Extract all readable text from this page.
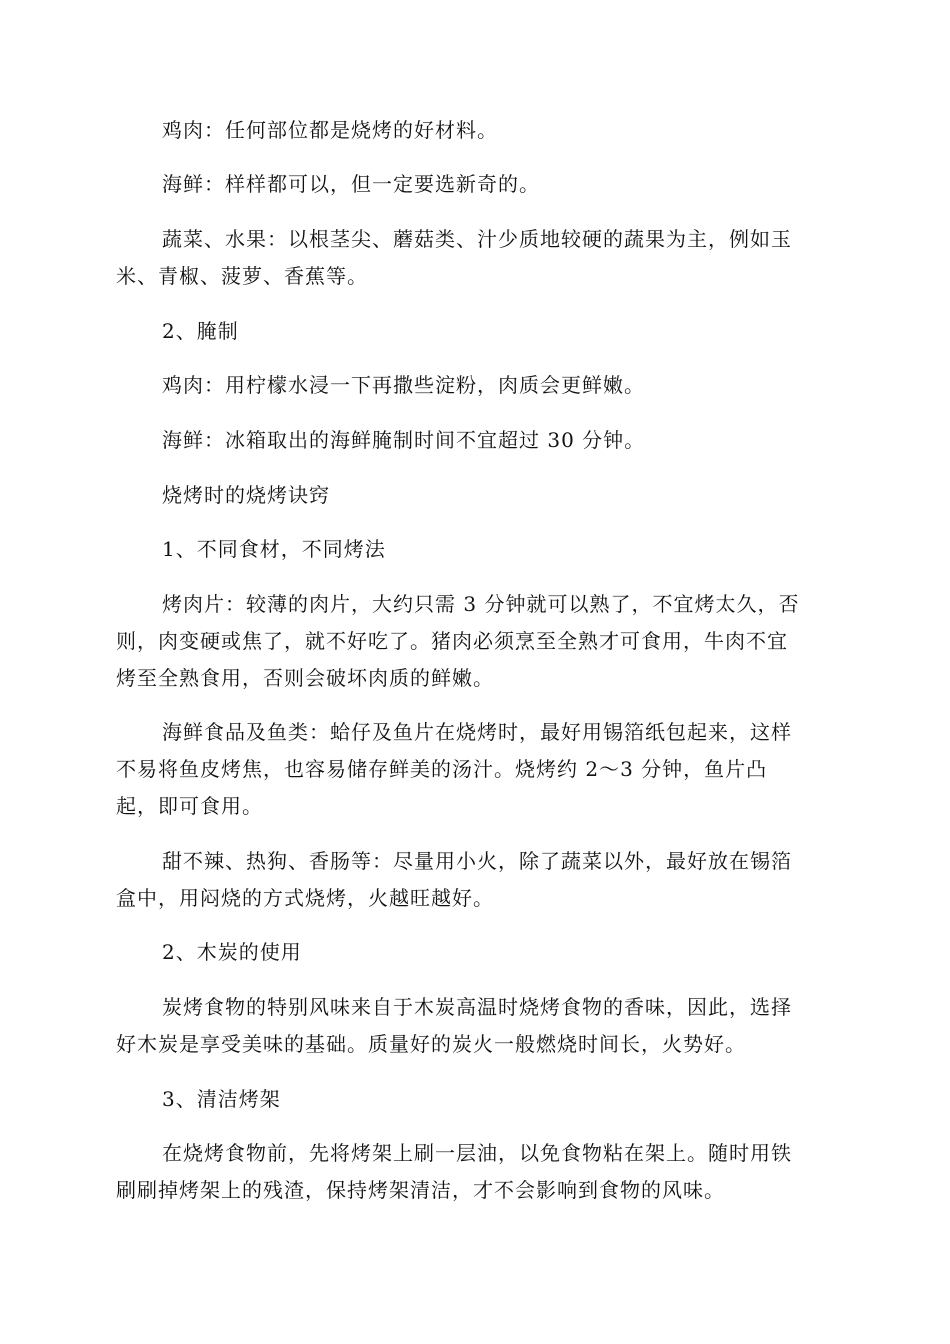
鸡肉：任何部位都是烧烤的好材料。
海鲜：样样都可以，但一定要选新奇的。
蔬菜、水果：以根茎尖、蘑菇类、汁少质地较硬的蔬果为主，例如玉
米、青椒、菠萝、香蕉等。
2、腌制
鸡肉：用柠檬水浸一下再撒些淀粉，肉质会更鲜嫩。
海鲜：冰箱取出的海鲜腌制时间不宜超过 30 分钟。
烧烤时的烧烤诀窍
1、不同食材，不同烤法
烤肉片：较薄的肉片，大约只需 3 分钟就可以熟了，不宜烤太久，否
则，肉变硬或焦了，就不好吃了。猪肉必须烹至全熟才可食用，牛肉不宜
烤至全熟食用，否则会破坏肉质的鲜嫩。
海鲜食品及鱼类：蛤仔及鱼片在烧烤时，最好用锡箔纸包起来，这样
不易将鱼皮烤焦，也容易储存鲜美的汤汁。烧烤约 2～3 分钟，鱼片凸
起，即可食用。
甜不辣、热狗、香肠等：尽量用小火，除了蔬菜以外，最好放在锡箔
盒中，用闷烧的方式烧烤，火越旺越好。
2、木炭的使用
炭烤食物的特别风味来自于木炭高温时烧烤食物的香味，因此，选择
好木炭是享受美味的基础。质量好的炭火一般燃烧时间长，火势好。
3、清洁烤架
在烧烤食物前，先将烤架上刷一层油，以免食物粘在架上。随时用铁
刷刷掉烤架上的残渣，保持烤架清洁，才不会影响到食物的风味。
